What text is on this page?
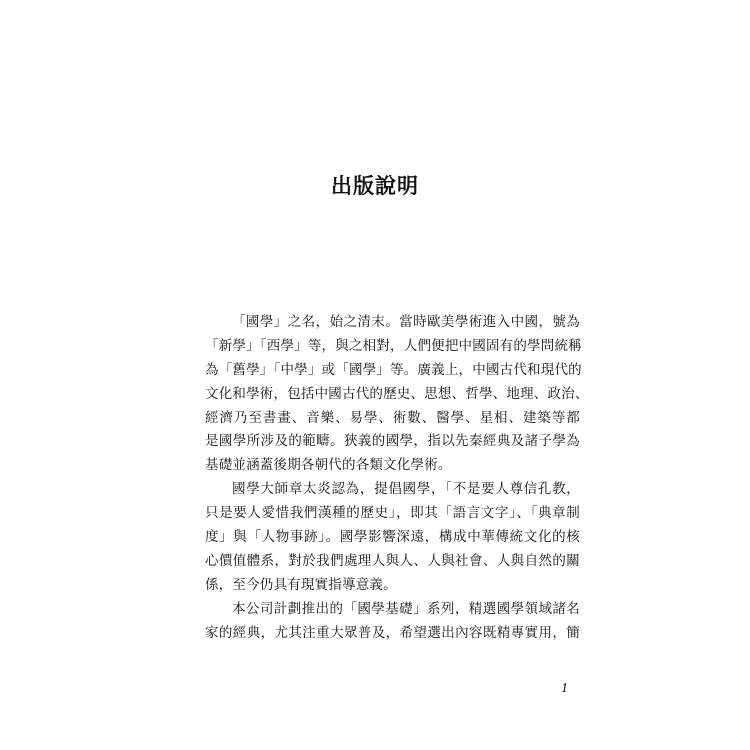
出版說明
「國學」之名，始之清末。當時歐美學術進入中國，號為
「新學」「西學」等，與之相對，人們便把中國固有的學問統稱
為「舊學」「中學」或「國學」等。廣義上，中國古代和現代的
文化和學術，包括中國古代的歷史、思想、哲學、地理、政治、
經濟乃至書畫、音樂、易學、術數、醫學、星相、建築等都
是國學所涉及的範疇。狹義的國學，指以先秦經典及諸子學為
基礎並涵蓋後期各朝代的各類文化學術。
國學大師章太炎認為，提倡國學，「不是要人尊信孔教，
只是要人愛惜我們漢種的歷史」，即其「語言文字」、「典章制
度」與「人物事跡」。國學影響深遠，構成中華傳統文化的核
心價值體系，對於我們處理人與人、人與社會、人與自然的關
係，至今仍具有現實指導意義。
本公司計劃推出的「國學基礎」系列，精選國學領域諸名
家的經典，尤其注重大眾普及，希望選出內容既精專實用，簡
1
